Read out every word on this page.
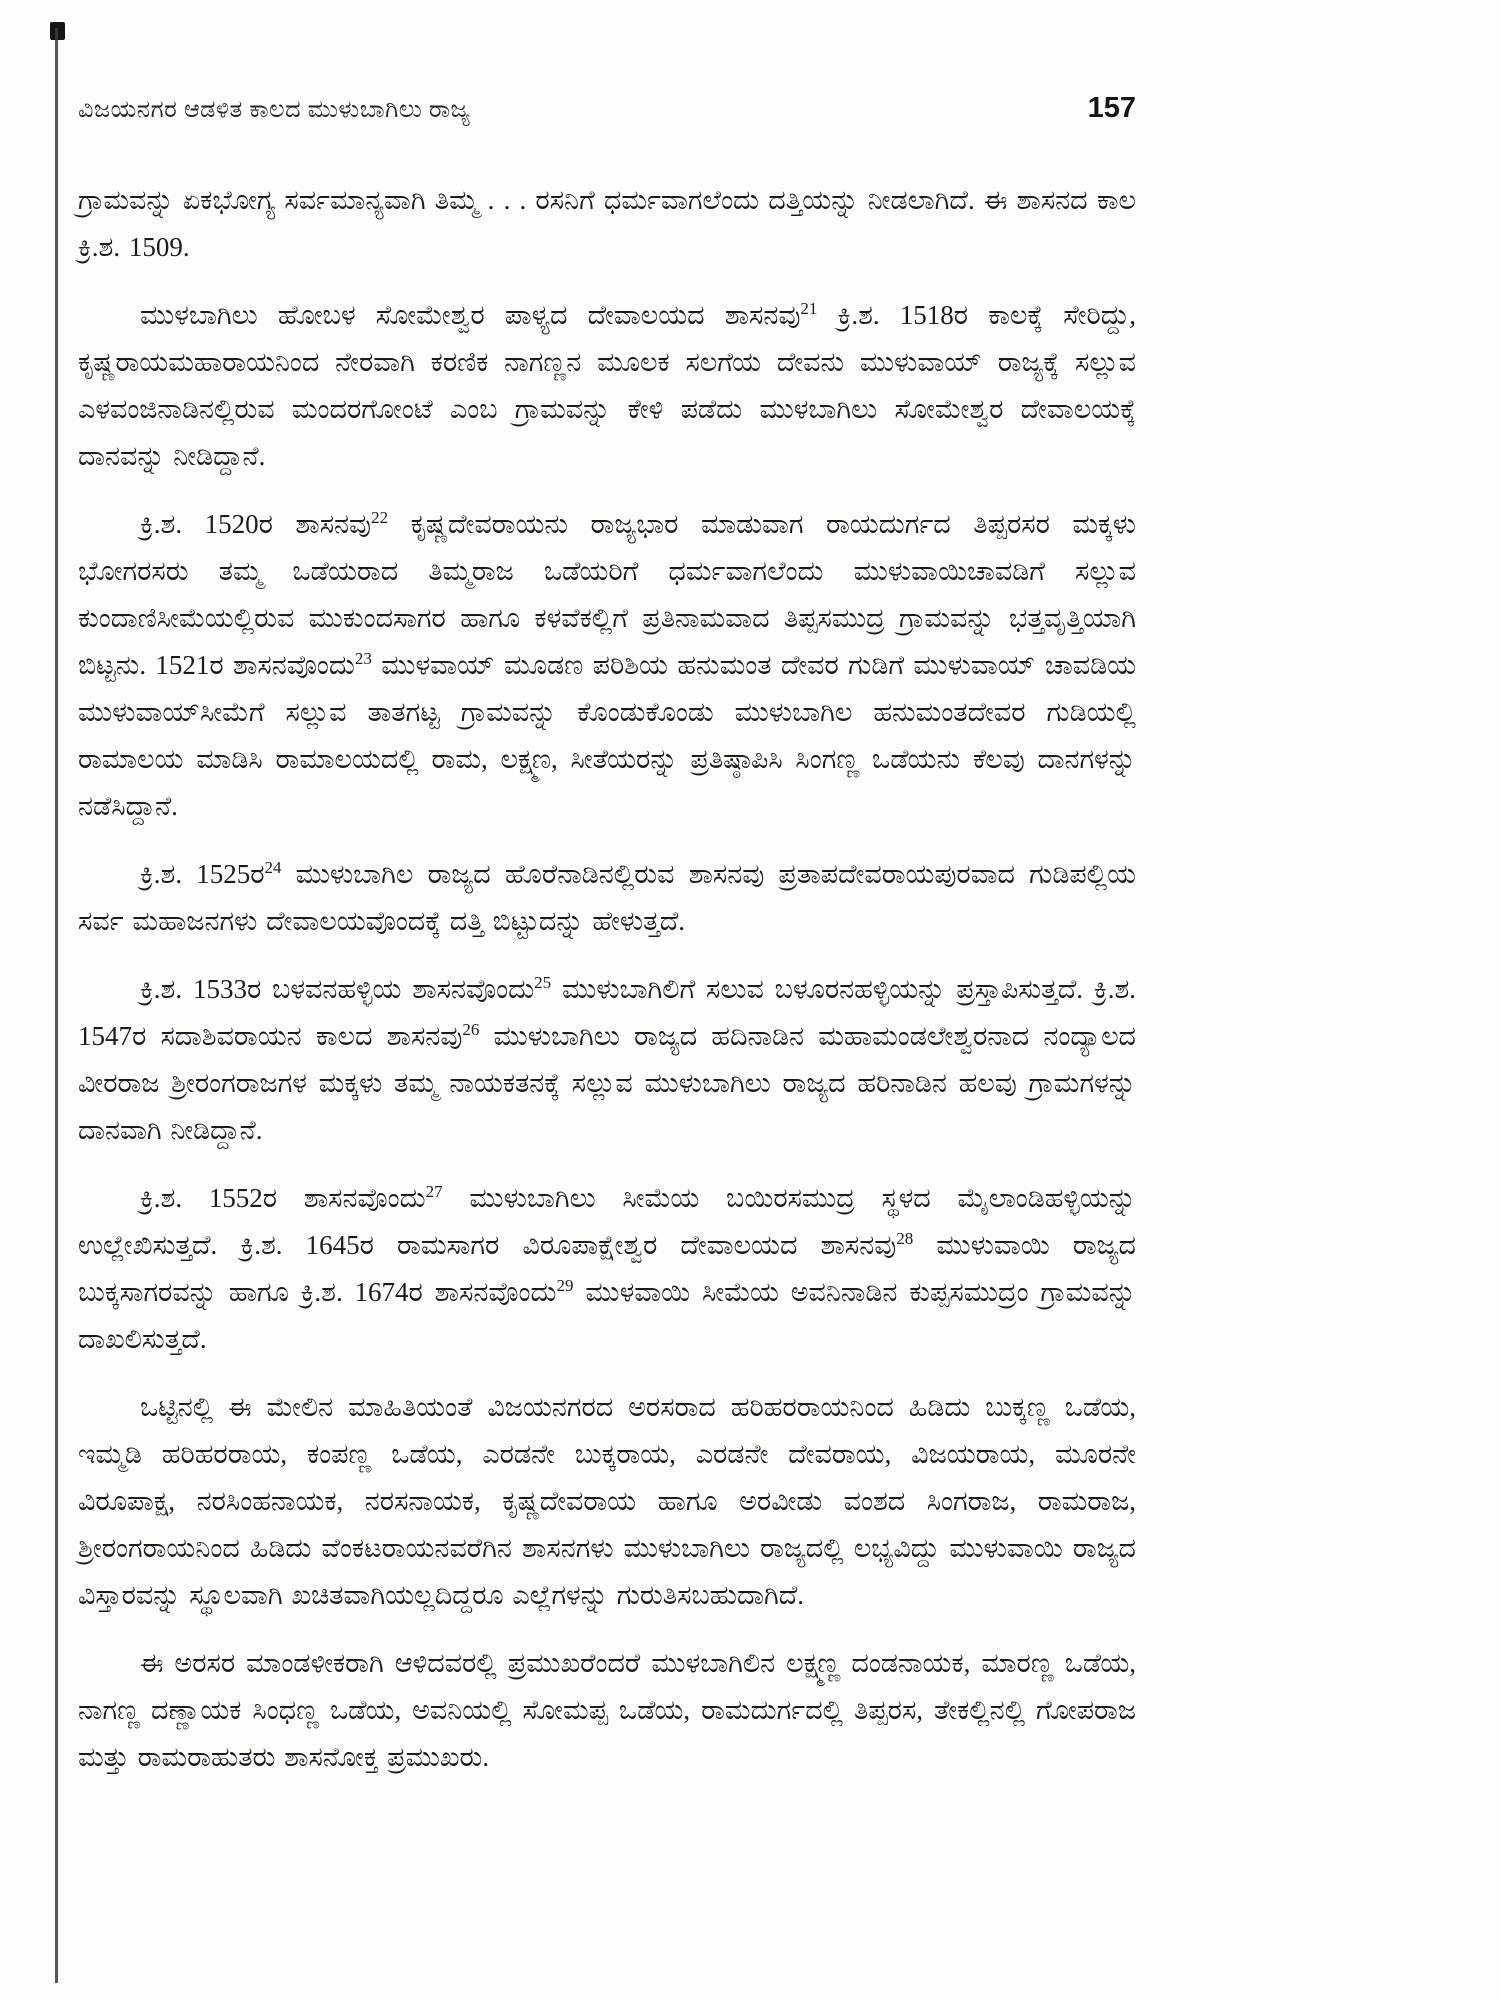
ವಿಜಯನಗರ ಆಡಳಿತ ಕಾಲದ ಮುಳುಬಾಗಿಲು ರಾಜ್ಯ	157

ಗ್ರಾಮವನ್ನು ಏಕಭೋಗ್ಯ ಸರ್ವಮಾನ್ಯವಾಗಿ ತಿಮ್ಮ . . . ರಸನಿಗೆ ಧರ್ಮವಾಗಲೆಂದು ದತ್ತಿಯನ್ನು ನೀಡಲಾಗಿದೆ. ಈ ಶಾಸನದ ಕಾಲ ಕ್ರಿ.ಶ. 1509.

ಮುಳಬಾಗಿಲು ಹೋಬಳ ಸೋಮೇಶ್ವರ ಪಾಳ್ಯದ ದೇವಾಲಯದ ಶಾಸನವು$^{21}$ ಕ್ರಿ.ಶ. 1518ರ ಕಾಲಕ್ಕೆ ಸೇರಿದ್ದು, ಕೃಷ್ಣರಾಯಮಹಾರಾಯನಿಂದ ನೇರವಾಗಿ ಕರಣಿಕ ನಾಗಣ್ಣನ ಮೂಲಕ ಸಲಗೆಯ ದೇವನು ಮುಳುವಾಯ್ ರಾಜ್ಯಕ್ಕೆ ಸಲ್ಲುವ ಎಳವಂಜಿನಾಡಿನಲ್ಲಿರುವ ಮಂದರಗೋಂಟೆ ಎಂಬ ಗ್ರಾಮವನ್ನು ಕೇಳಿ ಪಡೆದು ಮುಳಬಾಗಿಲು ಸೋಮೇಶ್ವರ ದೇವಾಲಯಕ್ಕೆ ದಾನವನ್ನು ನೀಡಿದ್ದಾನೆ.

ಕ್ರಿ.ಶ. 1520ರ ಶಾಸನವು$^{22}$ ಕೃಷ್ಣದೇವರಾಯನು ರಾಜ್ಯಭಾರ ಮಾಡುವಾಗ ರಾಯದುರ್ಗದ ತಿಪ್ಪರಸರ ಮಕ್ಕಳು ಭೋಗರಸರು ತಮ್ಮ ಒಡೆಯರಾದ ತಿಮ್ಮರಾಜ ಒಡೆಯರಿಗೆ ಧರ್ಮವಾಗಲೆಂದು ಮುಳುವಾಯಿಚಾವಡಿಗೆ ಸಲ್ಲುವ ಕುಂದಾಣಿಸೀಮೆಯಲ್ಲಿರುವ ಮುಕುಂದಸಾಗರ ಹಾಗೂ ಕಳವೆಕಲ್ಲಿಗೆ ಪ್ರತಿನಾಮವಾದ ತಿಪ್ಪಸಮುದ್ರ ಗ್ರಾಮವನ್ನು ಭತ್ತವೃತ್ತಿಯಾಗಿ ಬಿಟ್ಟನು. 1521ರ ಶಾಸನವೊಂದು$^{23}$ ಮುಳವಾಯ್ ಮೂಡಣ ಪರಿಶಿಯ ಹನುಮಂತ ದೇವರ ಗುಡಿಗೆ ಮುಳುವಾಯ್ ಚಾವಡಿಯ ಮುಳುವಾಯ್‌ಸೀಮೆಗೆ ಸಲ್ಲುವ ತಾತಗಟ್ಟ ಗ್ರಾಮವನ್ನು ಕೊಂಡುಕೊಂಡು ಮುಳುಬಾಗಿಲ ಹನುಮಂತದೇವರ ಗುಡಿಯಲ್ಲಿ ರಾಮಾಲಯ ಮಾಡಿಸಿ ರಾಮಾಲಯದಲ್ಲಿ ರಾಮ, ಲಕ್ಷ್ಮಣ, ಸೀತೆಯರನ್ನು ಪ್ರತಿಷ್ಠಾಪಿಸಿ ಸಿಂಗಣ್ಣ ಒಡೆಯನು ಕೆಲವು ದಾನಗಳನ್ನು ನಡೆಸಿದ್ದಾನೆ.

ಕ್ರಿ.ಶ. 1525ರ$^{24}$ ಮುಳುಬಾಗಿಲ ರಾಜ್ಯದ ಹೊರೆನಾಡಿನಲ್ಲಿರುವ ಶಾಸನವು ಪ್ರತಾಪದೇವರಾಯಪುರವಾದ ಗುಡಿಪಲ್ಲಿಯ ಸರ್ವ ಮಹಾಜನಗಳು ದೇವಾಲಯವೊಂದಕ್ಕೆ ದತ್ತಿ ಬಿಟ್ಟುದನ್ನು ಹೇಳುತ್ತದೆ.

ಕ್ರಿ.ಶ. 1533ರ ಬಳವನಹಳ್ಳಿಯ ಶಾಸನವೊಂದು$^{25}$ ಮುಳುಬಾಗಿಲಿಗೆ ಸಲುವ ಬಳೂರನಹಳ್ಳಿಯನ್ನು ಪ್ರಸ್ತಾಪಿಸುತ್ತದೆ. ಕ್ರಿ.ಶ. 1547ರ ಸದಾಶಿವರಾಯನ ಕಾಲದ ಶಾಸನವು$^{26}$ ಮುಳುಬಾಗಿಲು ರಾಜ್ಯದ ಹದಿನಾಡಿನ ಮಹಾಮಂಡಲೇಶ್ವರನಾದ ನಂದ್ಯಾಲದ ವೀರರಾಜ ಶ್ರೀರಂಗರಾಜಗಳ ಮಕ್ಕಳು ತಮ್ಮ ನಾಯಕತನಕ್ಕೆ ಸಲ್ಲುವ ಮುಳುಬಾಗಿಲು ರಾಜ್ಯದ ಹರಿನಾಡಿನ ಹಲವು ಗ್ರಾಮಗಳನ್ನು ದಾನವಾಗಿ ನೀಡಿದ್ದಾನೆ.

ಕ್ರಿ.ಶ. 1552ರ ಶಾಸನವೊಂದು$^{27}$ ಮುಳುಬಾಗಿಲು ಸೀಮೆಯ ಬಯಿರಸಮುದ್ರ ಸ್ಥಳದ ಮೈಲಾಂಡಿಹಳ್ಳಿಯನ್ನು ಉಲ್ಲೇಖಿಸುತ್ತದೆ. ಕ್ರಿ.ಶ. 1645ರ ರಾಮಸಾಗರ ವಿರೂಪಾಕ್ಷೇಶ್ವರ ದೇವಾಲಯದ ಶಾಸನವು$^{28}$ ಮುಳುವಾಯಿ ರಾಜ್ಯದ ಬುಕ್ಕಸಾಗರವನ್ನು ಹಾಗೂ ಕ್ರಿ.ಶ. 1674ರ ಶಾಸನವೊಂದು$^{29}$ ಮುಳವಾಯಿ ಸೀಮೆಯ ಅವನಿನಾಡಿನ ಕುಪ್ಪಸಮುದ್ರಂ ಗ್ರಾಮವನ್ನು ದಾಖಲಿಸುತ್ತದೆ.

ಒಟ್ಟಿನಲ್ಲಿ ಈ ಮೇಲಿನ ಮಾಹಿತಿಯಂತೆ ವಿಜಯನಗರದ ಅರಸರಾದ ಹರಿಹರರಾಯನಿಂದ ಹಿಡಿದು ಬುಕ್ಕಣ್ಣ ಒಡೆಯ, ಇಮ್ಮಡಿ ಹರಿಹರರಾಯ, ಕಂಪಣ್ಣ ಒಡೆಯ, ಎರಡನೇ ಬುಕ್ಕರಾಯ, ಎರಡನೇ ದೇವರಾಯ, ವಿಜಯರಾಯ, ಮೂರನೇ ವಿರೂಪಾಕ್ಷ, ನರಸಿಂಹನಾಯಕ, ನರಸನಾಯಕ, ಕೃಷ್ಣದೇವರಾಯ ಹಾಗೂ ಅರವೀಡು ವಂಶದ ಸಿಂಗರಾಜ, ರಾಮರಾಜ, ಶ್ರೀರಂಗರಾಯನಿಂದ ಹಿಡಿದು ವೆಂಕಟರಾಯನವರೆಗಿನ ಶಾಸನಗಳು ಮುಳುಬಾಗಿಲು ರಾಜ್ಯದಲ್ಲಿ ಲಭ್ಯವಿದ್ದು ಮುಳುವಾಯಿ ರಾಜ್ಯದ ವಿಸ್ತಾರವನ್ನು ಸ್ಥೂಲವಾಗಿ ಖಚಿತವಾಗಿಯಲ್ಲದಿದ್ದರೂ ಎಲ್ಲೆಗಳನ್ನು ಗುರುತಿಸಬಹುದಾಗಿದೆ.

ಈ ಅರಸರ ಮಾಂಡಳೀಕರಾಗಿ ಆಳಿದವರಲ್ಲಿ ಪ್ರಮುಖರೆಂದರೆ ಮುಳಬಾಗಿಲಿನ ಲಕ್ಷ್ಮಣ್ಣ ದಂಡನಾಯಕ, ಮಾರಣ್ಣ ಒಡೆಯ, ನಾಗಣ್ಣ ದಣ್ಣಾಯಕ ಸಿಂಧಣ್ಣ ಒಡೆಯ, ಅವನಿಯಲ್ಲಿ ಸೋಮಪ್ಪ ಒಡೆಯ, ರಾಮದುರ್ಗದಲ್ಲಿ ತಿಪ್ಪರಸ, ತೇಕಲ್ಲಿನಲ್ಲಿ ಗೋಪರಾಜ ಮತ್ತು ರಾಮರಾಹುತರು ಶಾಸನೋಕ್ತ ಪ್ರಮುಖರು.
